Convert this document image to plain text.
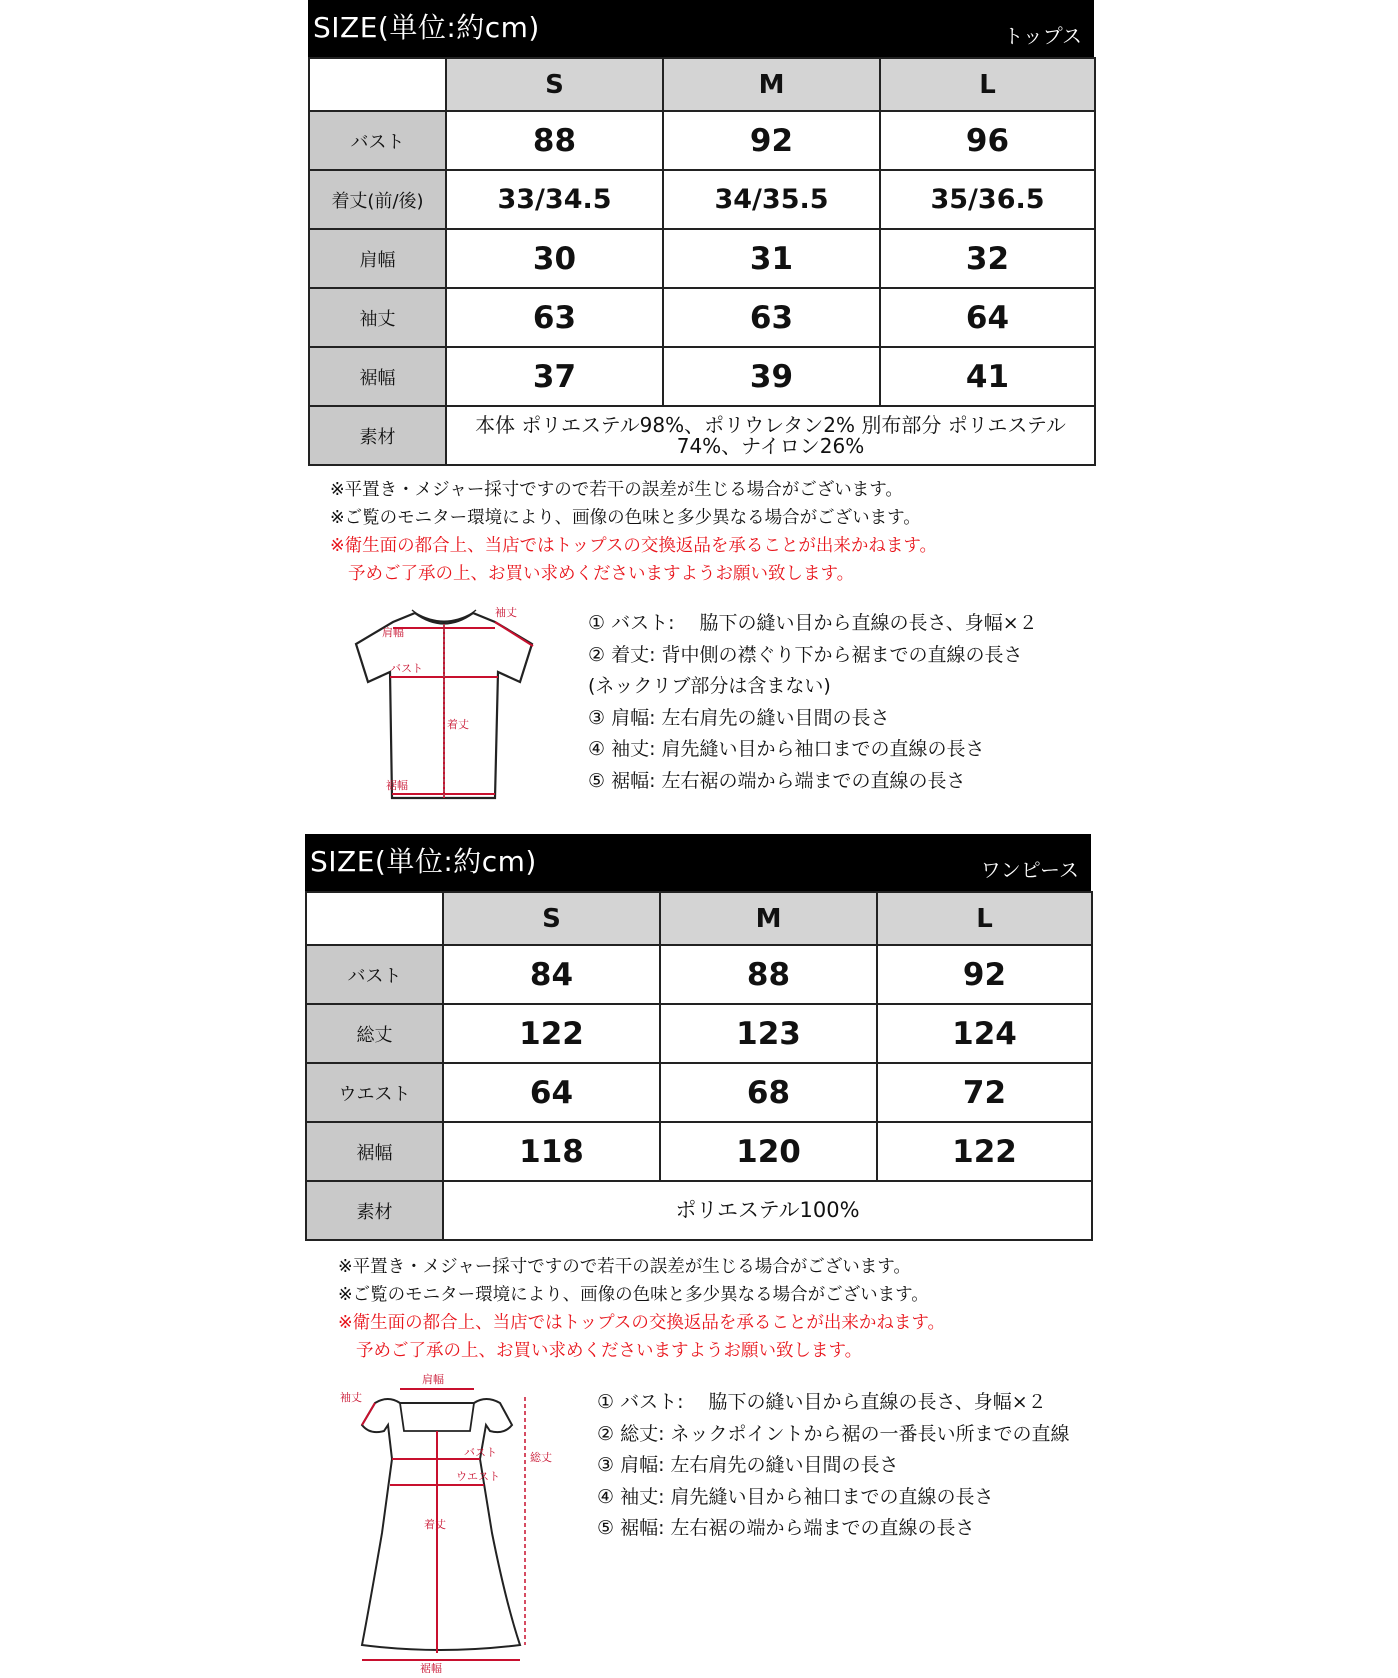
SIZE(単位:約cm)	トップス
	S	M	L
バスト	88	92	96
着丈(前/後)	33/34.5	34/35.5	35/36.5
肩幅	30	31	32
袖丈	63	63	64
裾幅	37	39	41
素材	本体 ポリエステル98%、ポリウレタン2% 別布部分 ポリエステル
74%、ナイロン26%		
※平置き・メジャー採寸ですので若干の誤差が生じる場合がございます。
※ご覧のモニター環境により、画像の色味と多少異なる場合がございます。
※衛生面の都合上、当店ではトップスの交換返品を承ることが出来かねます。
予めご了承の上、お買い求めくださいますようお願い致します。
袖丈
肩幅
バスト
着丈
裾幅
① バスト:　 脇下の縫い目から直線の長さ、身幅×２
② 着丈: 背中側の襟ぐり下から裾までの直線の長さ
(ネックリブ部分は含まない)
③ 肩幅: 左右肩先の縫い目間の長さ
④ 袖丈: 肩先縫い目から袖口までの直線の長さ
⑤ 裾幅: 左右裾の端から端までの直線の長さ
SIZE(単位:約cm)	ワンピース
	S	M	L
バスト	84	88	92
総丈	122	123	124
ウエスト	64	68	72
裾幅	118	120	122
素材	ポリエステル100%		
※平置き・メジャー採寸ですので若干の誤差が生じる場合がございます。
※ご覧のモニター環境により、画像の色味と多少異なる場合がございます。
※衛生面の都合上、当店ではトップスの交換返品を承ることが出来かねます。
予めご了承の上、お買い求めくださいますようお願い致します。
肩幅
袖丈
総丈
バスト
ウエスト
着丈
裾幅
① バスト:　 脇下の縫い目から直線の長さ、身幅×２
② 総丈: ネックポイントから裾の一番長い所までの直線
③ 肩幅: 左右肩先の縫い目間の長さ
④ 袖丈: 肩先縫い目から袖口までの直線の長さ
⑤ 裾幅: 左右裾の端から端までの直線の長さ
